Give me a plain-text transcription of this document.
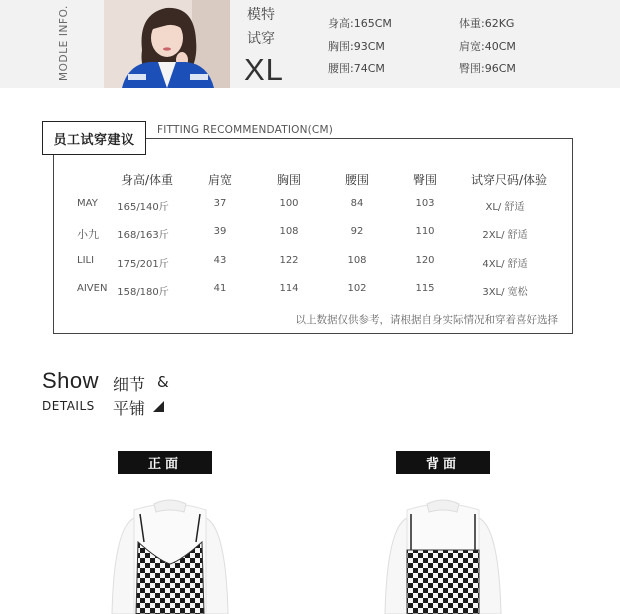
MODLE INFO.	模特
试穿
XL
身高:165CM	体重:62KG
胸围:93CM	肩宽:40CM
腰围:74CM	臀围:96CM
员工试穿建议
FITTING RECOMMENDATION(CM)
身高/体重	肩宽	胸围	腰围	臀围	试穿尺码/体验
MAY 165/140斤	37	100	84	103	XL/ 舒适
小九 168/163斤	39	108	92	110	2XL/ 舒适
LILI 175/201斤	43	122	108	120	4XL/ 舒适
AIVEN 158/180斤	41	114	102	115	3XL/ 宽松
以上数据仅供参考，请根据自身实际情况和穿着喜好选择
Show 细节 &
DETAILS 平铺
正面	背面
